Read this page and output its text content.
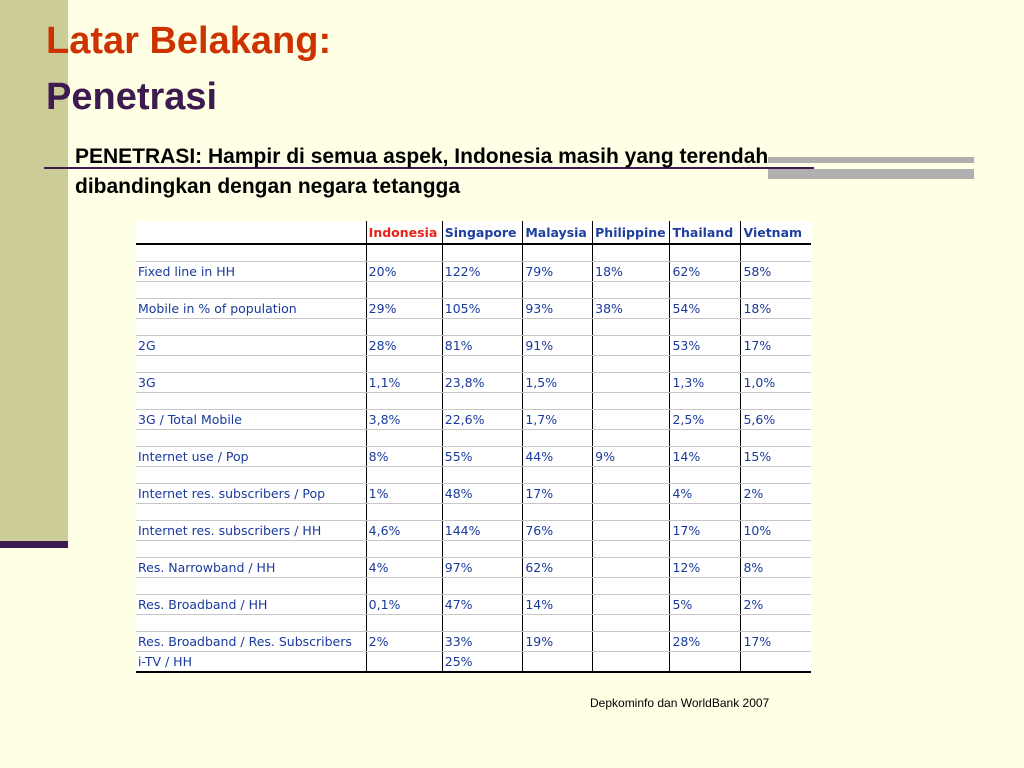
Latar Belakang:
Penetrasi

PENETRASI: Hampir di semua aspek, Indonesia masih yang terendah dibandingkan dengan negara tetangga

	Indonesia	Singapore	Malaysia	Philippine	Thailand	Vietnam

Fixed line in HH	20%	122%	79%	18%	62%	58%

Mobile in % of population	29%	105%	93%	38%	54%	18%

2G	28%	81%	91%		53%	17%

3G	1,1%	23,8%	1,5%		1,3%	1,0%

3G / Total Mobile	3,8%	22,6%	1,7%		2,5%	5,6%

Internet use / Pop	8%	55%	44%	9%	14%	15%

Internet res. subscribers / Pop	1%	48%	17%		4%	2%

Internet res. subscribers / HH	4,6%	144%	76%		17%	10%

Res. Narrowband / HH	4%	97%	62%		12%	8%

Res. Broadband / HH	0,1%	47%	14%		5%	2%

Res. Broadband / Res. Subscribers	2%	33%	19%		28%	17%
i-TV / HH		25%				

Depkominfo dan WorldBank 2007
